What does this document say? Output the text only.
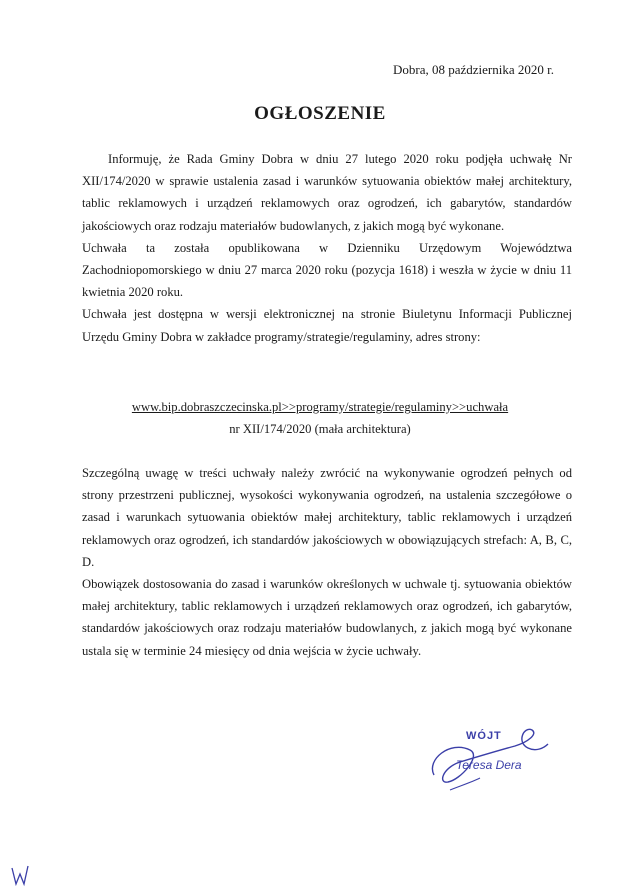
Dobra, 08 października 2020 r.
OGŁOSZENIE

Informuję, że Rada Gminy Dobra w dniu 27 lutego 2020 roku podjęła uchwałę Nr XII/174/2020 w sprawie ustalenia zasad i warunków sytuowania obiektów małej architektury, tablic reklamowych i urządzeń reklamowych oraz ogrodzeń, ich gabarytów, standardów jakościowych oraz rodzaju materiałów budowlanych, z jakich mogą być wykonane.

Uchwała ta została opublikowana w Dzienniku Urzędowym Województwa Zachodniopomorskiego w dniu 27 marca 2020 roku (pozycja 1618) i weszła w życie w dniu 11 kwietnia 2020 roku.

Uchwała jest dostępna w wersji elektronicznej na stronie Biuletynu Informacji Publicznej Urzędu Gminy Dobra w zakładce programy/strategie/regulaminy, adres strony:

www.bip.dobraszczecinska.pl>>programy/strategie/regulaminy>>uchwała
nr XII/174/2020 (mała architektura)

Szczególną uwagę w treści uchwały należy zwrócić na wykonywanie ogrodzeń pełnych od strony przestrzeni publicznej, wysokości wykonywania ogrodzeń, na ustalenia szczegółowe o zasad i warunkach sytuowania obiektów małej architektury, tablic reklamowych i urządzeń reklamowych oraz ogrodzeń, ich standardów jakościowych w obowiązujących strefach: A, B, C, D.

Obowiązek dostosowania do zasad i warunków określonych w uchwale tj. sytuowania obiektów małej architektury, tablic reklamowych i urządzeń reklamowych oraz ogrodzeń, ich gabarytów, standardów jakościowych oraz rodzaju materiałów budowlanych, z jakich mogą być wykonane ustala się w terminie 24 miesięcy od dnia wejścia w życie uchwały.

WÓJT
Teresa Dera
